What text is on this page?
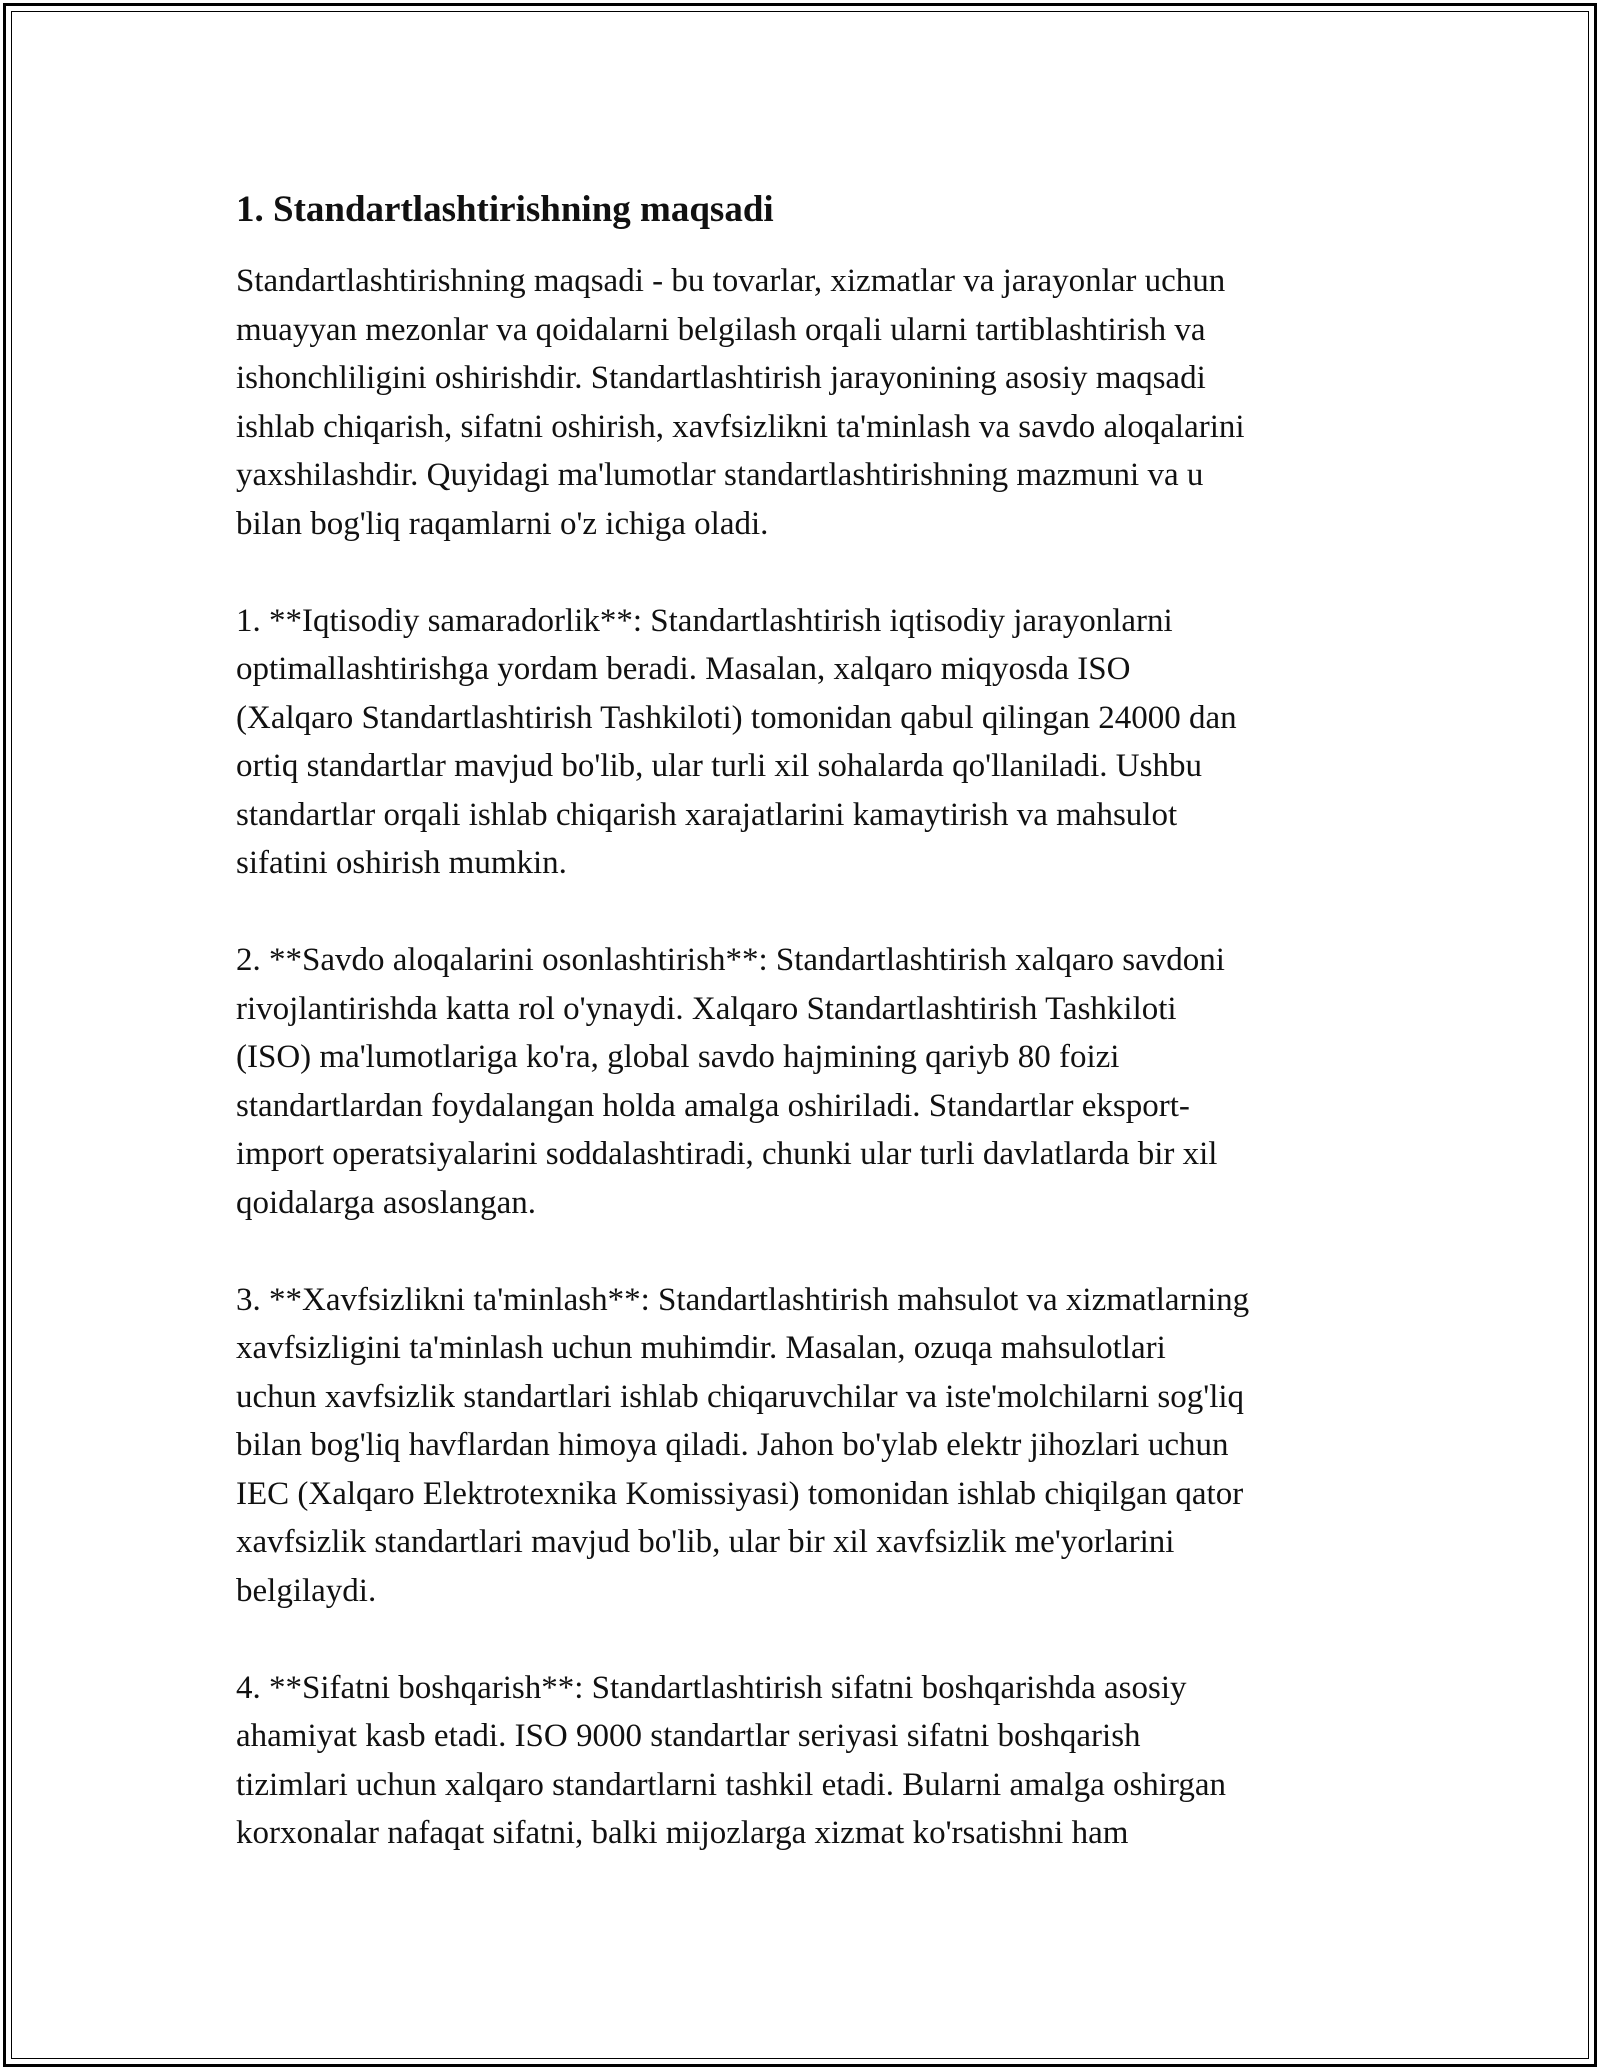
1. Standartlashtirishning maqsadi

Standartlashtirishning maqsadi - bu tovarlar, xizmatlar va jarayonlar uchun
muayyan mezonlar va qoidalarni belgilash orqali ularni tartiblashtirish va
ishonchliligini oshirishdir. Standartlashtirish jarayonining asosiy maqsadi
ishlab chiqarish, sifatni oshirish, xavfsizlikni ta'minlash va savdo aloqalarini
yaxshilashdir. Quyidagi ma'lumotlar standartlashtirishning mazmuni va u
bilan bog'liq raqamlarni o'z ichiga oladi.

1. **Iqtisodiy samaradorlik**: Standartlashtirish iqtisodiy jarayonlarni
optimallashtirishga yordam beradi. Masalan, xalqaro miqyosda ISO
(Xalqaro Standartlashtirish Tashkiloti) tomonidan qabul qilingan 24000 dan
ortiq standartlar mavjud bo'lib, ular turli xil sohalarda qo'llaniladi. Ushbu
standartlar orqali ishlab chiqarish xarajatlarini kamaytirish va mahsulot
sifatini oshirish mumkin.

2. **Savdo aloqalarini osonlashtirish**: Standartlashtirish xalqaro savdoni
rivojlantirishda katta rol o'ynaydi. Xalqaro Standartlashtirish Tashkiloti
(ISO) ma'lumotlariga ko'ra, global savdo hajmining qariyb 80 foizi
standartlardan foydalangan holda amalga oshiriladi. Standartlar eksport-
import operatsiyalarini soddalashtiradi, chunki ular turli davlatlarda bir xil
qoidalarga asoslangan.

3. **Xavfsizlikni ta'minlash**: Standartlashtirish mahsulot va xizmatlarning
xavfsizligini ta'minlash uchun muhimdir. Masalan, ozuqa mahsulotlari
uchun xavfsizlik standartlari ishlab chiqaruvchilar va iste'molchilarni sog'liq
bilan bog'liq havflardan himoya qiladi. Jahon bo'ylab elektr jihozlari uchun
IEC (Xalqaro Elektrotexnika Komissiyasi) tomonidan ishlab chiqilgan qator
xavfsizlik standartlari mavjud bo'lib, ular bir xil xavfsizlik me'yorlarini
belgilaydi.

4. **Sifatni boshqarish**: Standartlashtirish sifatni boshqarishda asosiy
ahamiyat kasb etadi. ISO 9000 standartlar seriyasi sifatni boshqarish
tizimlari uchun xalqaro standartlarni tashkil etadi. Bularni amalga oshirgan
korxonalar nafaqat sifatni, balki mijozlarga xizmat ko'rsatishni ham
